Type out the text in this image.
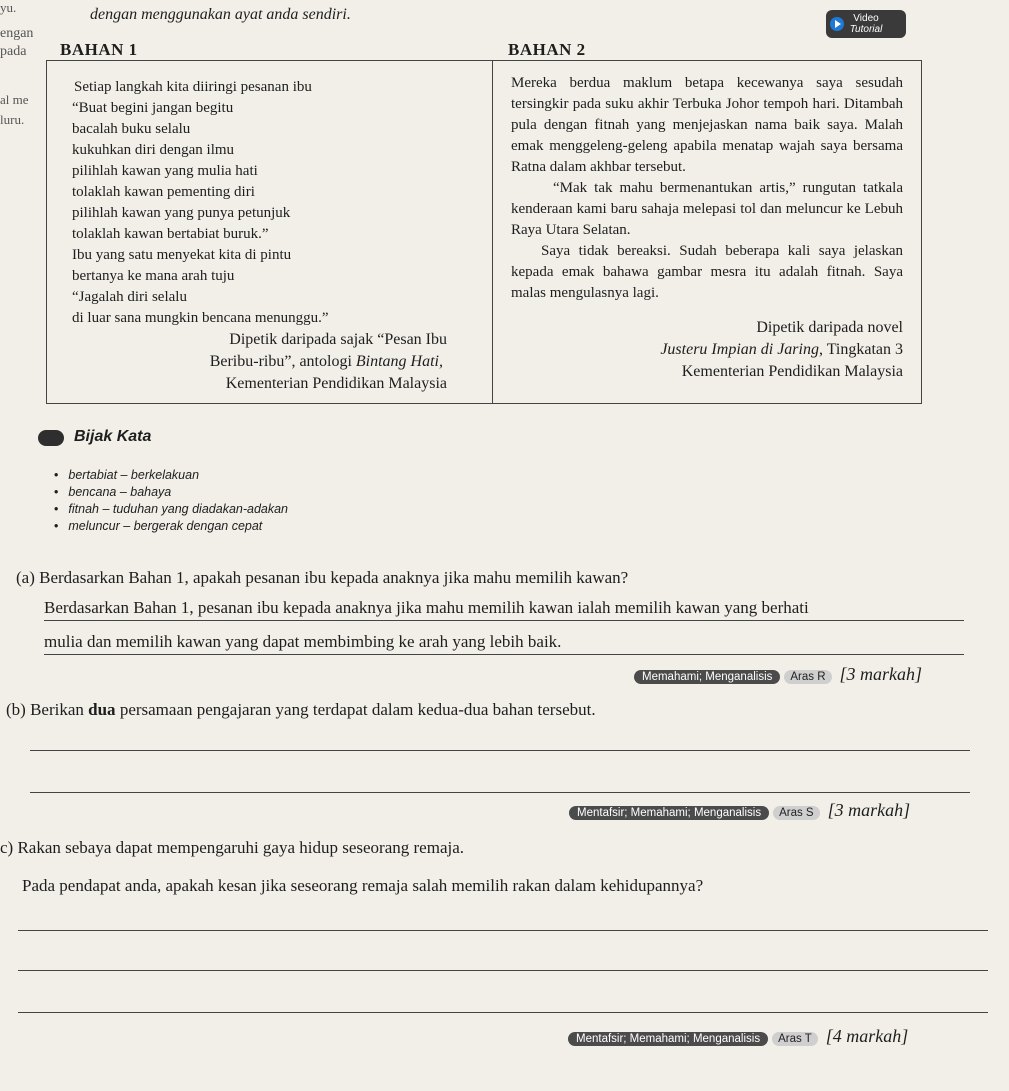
dengan menggunakan ayat anda sendiri.
yu.
engan
pada
al me
luru.
Video
Tutorial
BAHAN 1	BAHAN 2
Setiap langkah kita diiringi pesanan ibu
“Buat begini jangan begitu
bacalah buku selalu
kukuhkan diri dengan ilmu
pilihlah kawan yang mulia hati
tolaklah kawan pementing diri
pilihlah kawan yang punya petunjuk
tolaklah kawan bertabiat buruk.”
Ibu yang satu menyekat kita di pintu
bertanya ke mana arah tuju
“Jagalah diri selalu
di luar sana mungkin bencana menunggu.”
Dipetik daripada sajak “Pesan Ibu
Beribu-ribu”, antologi Bintang Hati,
Kementerian Pendidikan Malaysia
Mereka berdua maklum betapa kecewanya saya sesudah tersingkir pada suku akhir Terbuka Johor tempoh hari. Ditambah pula dengan fitnah yang menjejaskan nama baik saya. Malah emak menggeleng-geleng apabila menatap wajah saya bersama Ratna dalam akhbar tersebut.
“Mak tak mahu bermenantukan artis,” rungutan tatkala kenderaan kami baru sahaja melepasi tol dan meluncur ke Lebuh Raya Utara Selatan.
Saya tidak bereaksi. Sudah beberapa kali saya jelaskan kepada emak bahawa gambar mesra itu adalah fitnah. Saya malas mengulasnya lagi.
Dipetik daripada novel
Justeru Impian di Jaring, Tingkatan 3
Kementerian Pendidikan Malaysia
Bijak Kata
• bertabiat – berkelakuan
• bencana – bahaya
• fitnah – tuduhan yang diadakan-adakan
• meluncur – bergerak dengan cepat
(a) Berdasarkan Bahan 1, apakah pesanan ibu kepada anaknya jika mahu memilih kawan?
Berdasarkan Bahan 1, pesanan ibu kepada anaknya jika mahu memilih kawan ialah memilih kawan yang berhati
mulia dan memilih kawan yang dapat membimbing ke arah yang lebih baik.
Memahami; Menganalisis Aras R [3 markah]
(b) Berikan dua persamaan pengajaran yang terdapat dalam kedua-dua bahan tersebut.
Mentafsir; Memahami; Menganalisis Aras S [3 markah]
c) Rakan sebaya dapat mempengaruhi gaya hidup seseorang remaja.
Pada pendapat anda, apakah kesan jika seseorang remaja salah memilih rakan dalam kehidupannya?
Mentafsir; Memahami; Menganalisis Aras T [4 markah]
